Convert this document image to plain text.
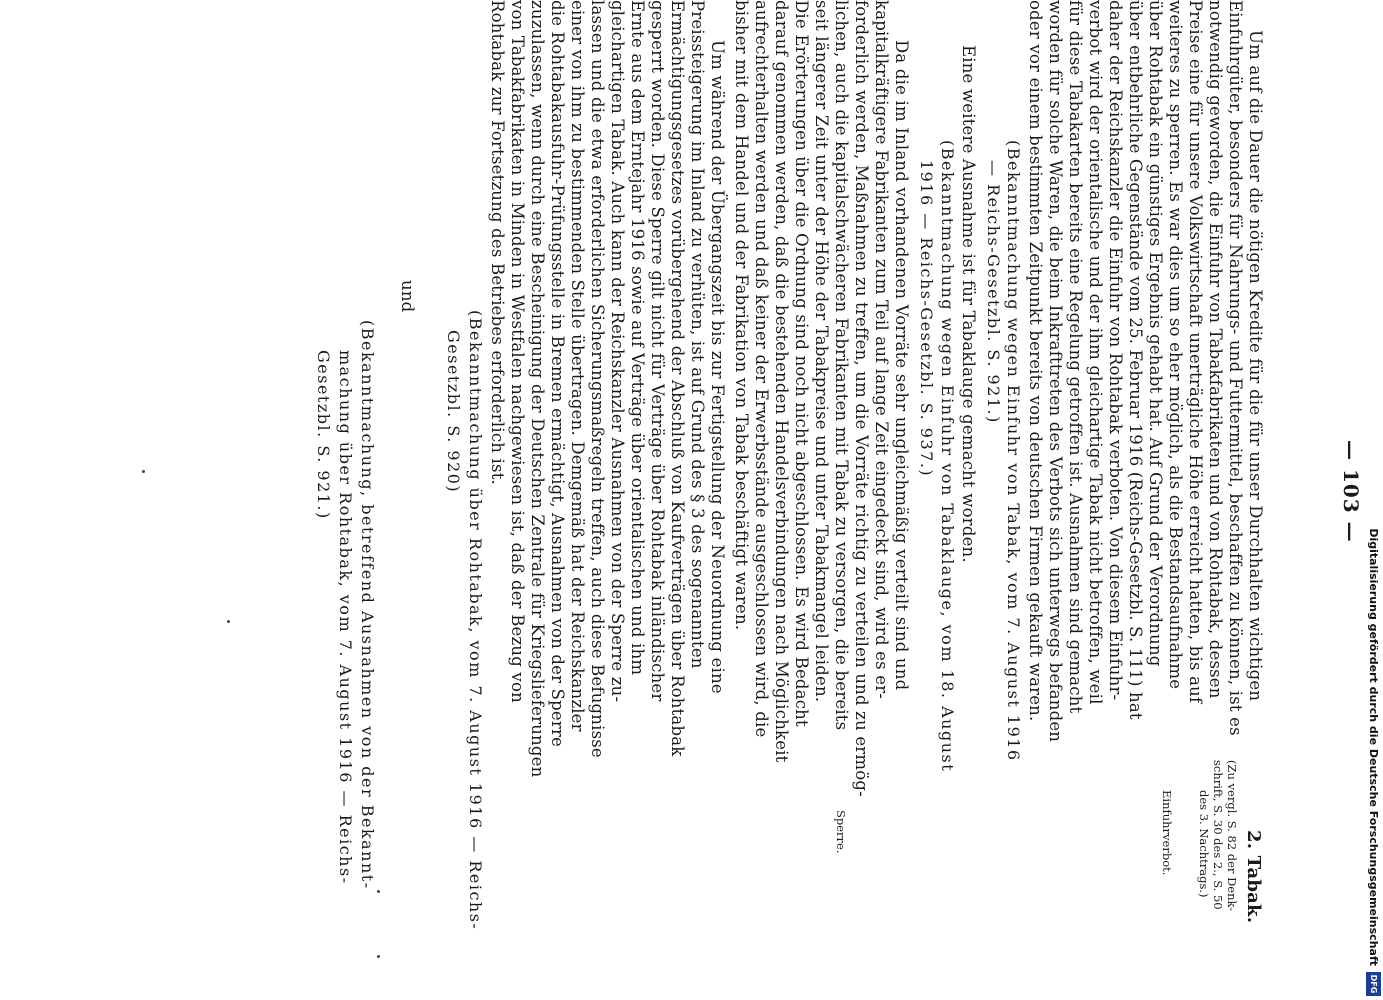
— 103 —
2. Tabak.
(Zu vergl. S. 82 der Denk-
schrift, S. 30 des 2., S. 50
des 3. Nachtrags.)
Einfuhrverbot.
Sperre.
Um auf die Dauer die nötigen Kredite für die für unser Durchhalten wichtigen
Einfuhrgüter, besonders für Nahrungs- und Futtermittel, beschaffen zu können, ist es
notwendig geworden, die Einfuhr von Tabakfabrikaten und von Rohtabak, dessen
Preise eine für unsere Volkswirtschaft unerträgliche Höhe erreicht hatten, bis auf
weiteres zu sperren. Es war dies um so eher möglich, als die Bestandsaufnahme
über Rohtabak ein günstiges Ergebnis gehabt hat. Auf Grund der Verordnung
über entbehrliche Gegenstände vom 25. Februar 1916 (Reichs-Gesetzbl. S. 111) hat
daher der Reichskanzler die Einfuhr von Rohtabak verboten. Von diesem Einfuhr-
verbot wird der orientalische und der ihm gleichartige Tabak nicht betroffen, weil
für diese Tabakarten bereits eine Regelung getroffen ist. Ausnahmen sind gemacht
worden für solche Waren, die beim Inkrafttreten des Verbots sich unterwegs befanden
oder vor einem bestimmten Zeitpunkt bereits von deutschen Firmen gekauft waren.
(Bekanntmachung wegen Einfuhr von Tabak, vom 7. August 1916
— Reichs-Gesetzbl. S. 921.)
Eine weitere Ausnahme ist für Tabaklauge gemacht worden.
(Bekanntmachung wegen Einfuhr von Tabaklauge, vom 18. August
1916 — Reichs-Gesetzbl. S. 937.)
Da die im Inland vorhandenen Vorräte sehr ungleichmäßig verteilt sind und
kapitalkräftigere Fabrikanten zum Teil auf lange Zeit eingedeckt sind, wird es er-
forderlich werden, Maßnahmen zu treffen, um die Vorräte richtig zu verteilen und zu ermög-
lichen, auch die kapitalschwächeren Fabrikanten mit Tabak zu versorgen, die bereits
seit längerer Zeit unter der Höhe der Tabakpreise und unter Tabakmangel leiden.
Die Erörterungen über die Ordnung sind noch nicht abgeschlossen. Es wird Bedacht
darauf genommen werden, daß die bestehenden Handelsverbindungen nach Möglichkeit
aufrechterhalten werden und daß keiner der Erwerbsstände ausgeschlossen wird, die
bisher mit dem Handel und der Fabrikation von Tabak beschäftigt waren.
Um während der Übergangszeit bis zur Fertigstellung der Neuordnung eine
Preissteigerung im Inland zu verhüten, ist auf Grund des § 3 des sogenannten
Ermächtigungsgesetzes vorübergehend der Abschluß von Kaufverträgen über Rohtabak
gesperrt worden. Diese Sperre gilt nicht für Verträge über Rohtabak inländischer
Ernte aus dem Erntejahr 1916 sowie auf Verträge über orientalischen und ihm
gleichartigen Tabak. Auch kann der Reichskanzler Ausnahmen von der Sperre zu-
lassen und die etwa erforderlichen Sicherungsmaßregeln treffen, auch diese Befugnisse
einer von ihm zu bestimmenden Stelle übertragen. Demgemäß hat der Reichskanzler
die Rohtabakausfuhr-Prüfungsstelle in Bremen ermächtigt, Ausnahmen von der Sperre
zuzulassen, wenn durch eine Bescheinigung der Deutschen Zentrale für Kriegslieferungen
von Tabakfabrikaten in Minden in Westfalen nachgewiesen ist, daß der Bezug von
Rohtabak zur Fortsetzung des Betriebes erforderlich ist.
(Bekanntmachung über Rohtabak, vom 7. August 1916 — Reichs-
Gesetzbl. S. 920)
und
(Bekanntmachung, betreffend Ausnahmen von der Bekannt-
machung über Rohtabak, vom 7. August 1916 — Reichs-
Gesetzbl. S. 921.)
Digitalisierung gefördert durch die Deutsche Forschungsgemeinschaft
DFG
